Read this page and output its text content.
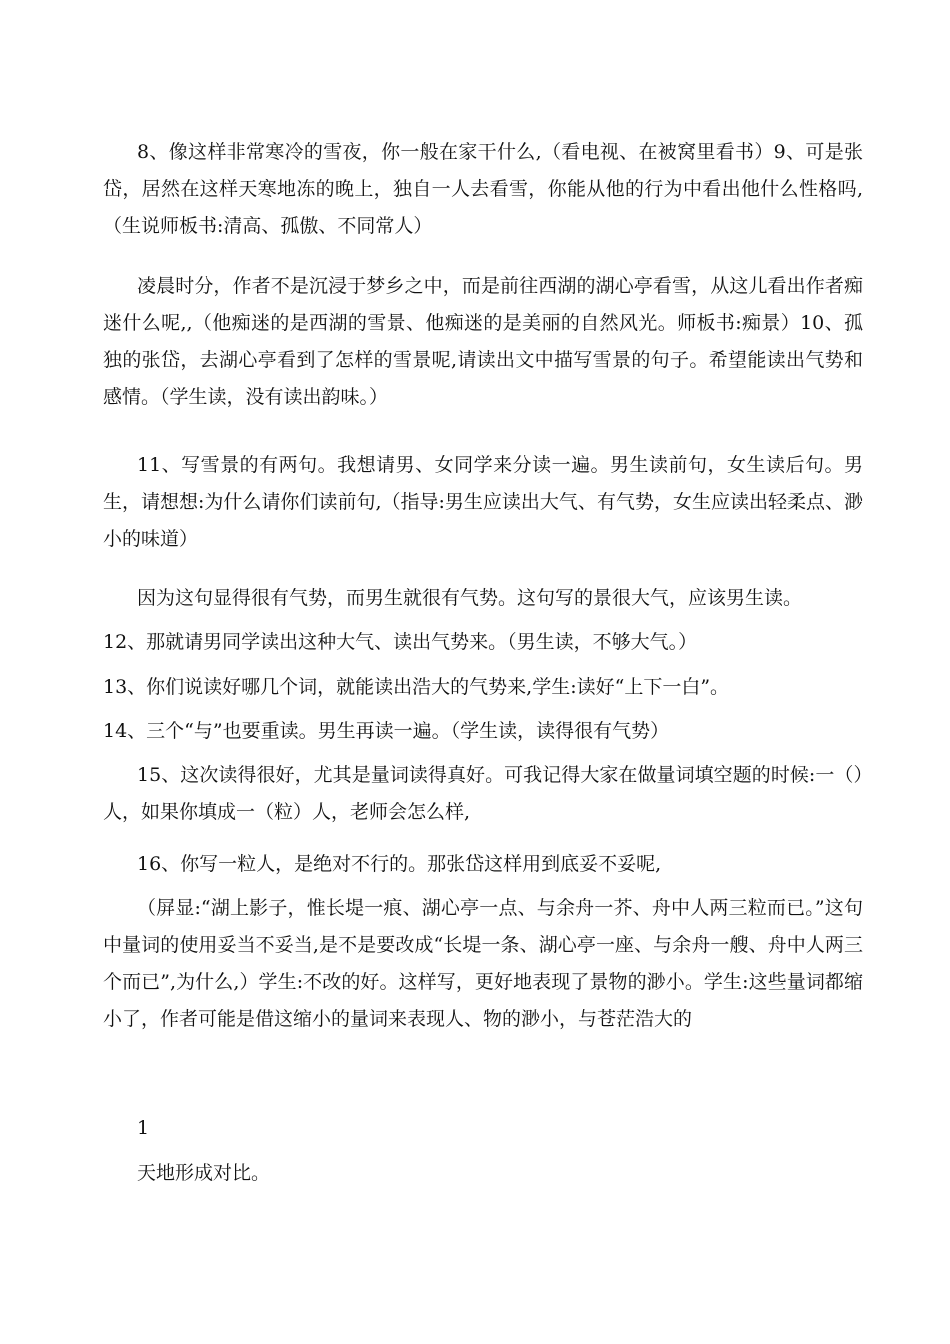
8、像这样非常寒冷的雪夜，你一般在家干什么,（看电视、在被窝里看书）9、可是张岱，居然在这样天寒地冻的晚上，独自一人去看雪，你能从他的行为中看出他什么性格吗,（生说师板书:清高、孤傲、不同常人）

凌晨时分，作者不是沉浸于梦乡之中，而是前往西湖的湖心亭看雪，从这儿看出作者痴迷什么呢,,（他痴迷的是西湖的雪景、他痴迷的是美丽的自然风光。师板书:痴景）10、孤独的张岱，去湖心亭看到了怎样的雪景呢,请读出文中描写雪景的句子。希望能读出气势和感情。（学生读，没有读出韵味。）

11、写雪景的有两句。我想请男、女同学来分读一遍。男生读前句，女生读后句。男生，请想想:为什么请你们读前句,（指导:男生应读出大气、有气势，女生应读出轻柔点、渺小的味道）

因为这句显得很有气势，而男生就很有气势。这句写的景很大气，应该男生读。

12、那就请男同学读出这种大气、读出气势来。（男生读，不够大气。）

13、你们说读好哪几个词，就能读出浩大的气势来,学生:读好“上下一白”。

14、三个“与”也要重读。男生再读一遍。（学生读，读得很有气势）

15、这次读得很好，尤其是量词读得真好。可我记得大家在做量词填空题的时候:一（）人，如果你填成一（粒）人，老师会怎么样,

16、你写一粒人，是绝对不行的。那张岱这样用到底妥不妥呢,

（屏显:“湖上影子，惟长堤一痕、湖心亭一点、与余舟一芥、舟中人两三粒而已。”这句中量词的使用妥当不妥当,是不是要改成“长堤一条、湖心亭一座、与余舟一艘、舟中人两三个而已”,为什么,）学生:不改的好。这样写，更好地表现了景物的渺小。学生:这些量词都缩小了，作者可能是借这缩小的量词来表现人、物的渺小，与苍茫浩大的

1

天地形成对比。
